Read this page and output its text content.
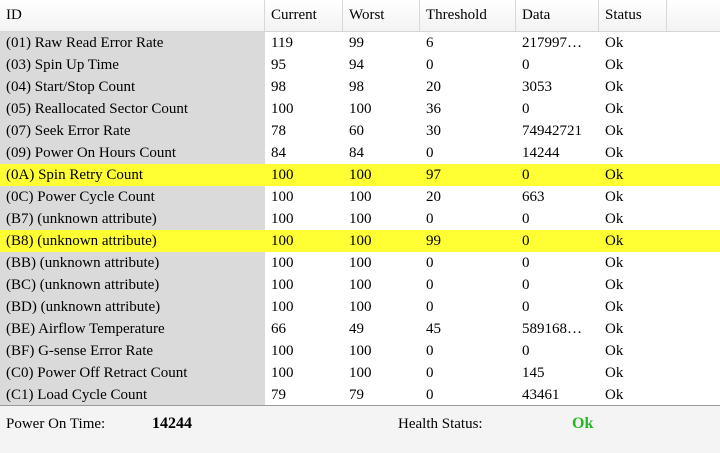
ID	Current	Worst	Threshold	Data	Status
(01) Raw Read Error Rate	119	99	6	217997…	Ok
(03) Spin Up Time	95	94	0	0	Ok
(04) Start/Stop Count	98	98	20	3053	Ok
(05) Reallocated Sector Count	100	100	36	0	Ok
(07) Seek Error Rate	78	60	30	74942721	Ok
(09) Power On Hours Count	84	84	0	14244	Ok
(0A) Spin Retry Count	100	100	97	0	Ok
(0C) Power Cycle Count	100	100	20	663	Ok
(B7) (unknown attribute)	100	100	0	0	Ok
(B8) (unknown attribute)	100	100	99	0	Ok
(BB) (unknown attribute)	100	100	0	0	Ok
(BC) (unknown attribute)	100	100	0	0	Ok
(BD) (unknown attribute)	100	100	0	0	Ok
(BE) Airflow Temperature	66	49	45	589168…	Ok
(BF) G-sense Error Rate	100	100	0	0	Ok
(C0) Power Off Retract Count	100	100	0	145	Ok
(C1) Load Cycle Count	79	79	0	43461	Ok
Power On Time:	14244	Health Status:	Ok
